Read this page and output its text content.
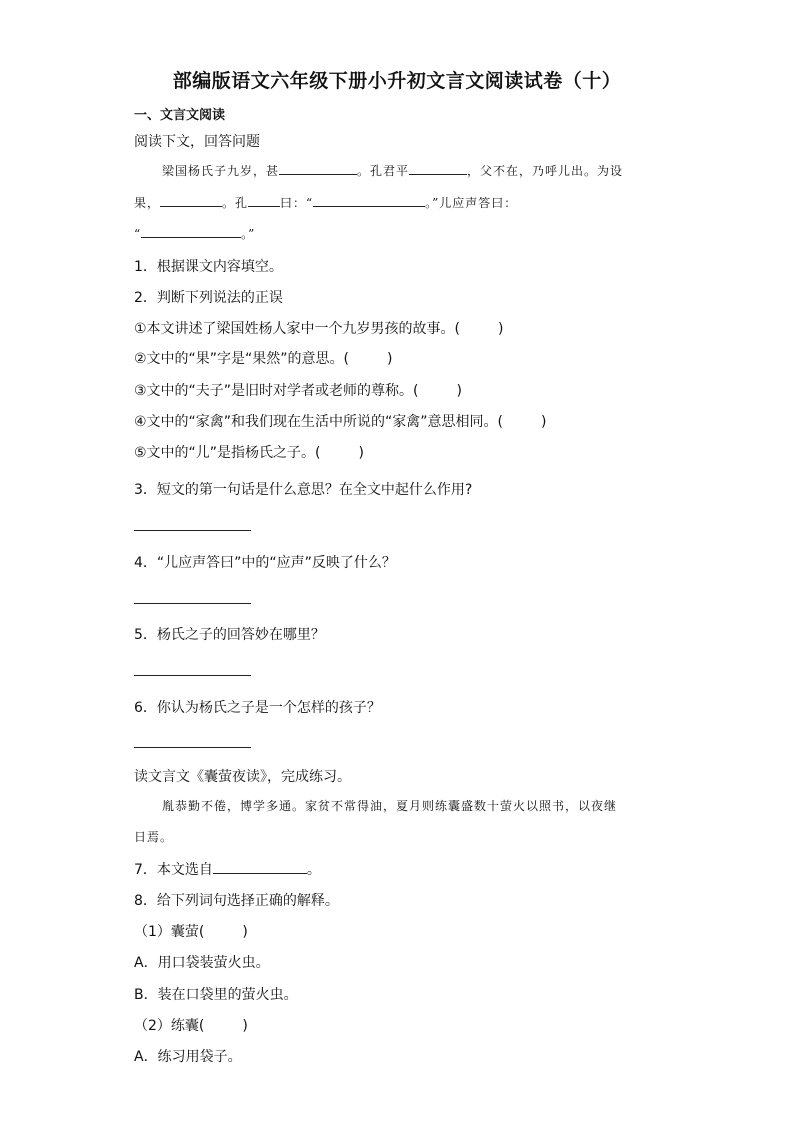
部编版语文六年级下册小升初文言文阅读试卷（十）
一、文言文阅读
阅读下文，回答问题
梁国杨氏子九岁，甚	。孔君平	，父不在，乃呼儿出。为设
果，	。孔	曰：“	。”儿应声答曰：
“	。”
1．根据课文内容填空。
2．判断下列说法的正误
①本文讲述了梁国姓杨人家中一个九岁男孩的故事。(	)
②文中的“果”字是“果然”的意思。(	)
③文中的“夫子”是旧时对学者或老师的尊称。(	)
④文中的“家禽”和我们现在生活中所说的“家禽”意思相同。(	)
⑤文中的“儿”是指杨氏之子。(	)
3．短文的第一句话是什么意思？在全文中起什么作用?
4．“儿应声答曰”中的“应声”反映了什么？
5．杨氏之子的回答妙在哪里？
6．你认为杨氏之子是一个怎样的孩子？
读文言文《囊萤夜读》，完成练习。
胤恭勤不倦，博学多通。家贫不常得油，夏月则练囊盛数十萤火以照书，以夜继
日焉。
7．本文选自	。
8．给下列词句选择正确的解释。
（1）囊萤(	)
A．用口袋装萤火虫。
B．装在口袋里的萤火虫。
（2）练囊(	)
A．练习用袋子。
